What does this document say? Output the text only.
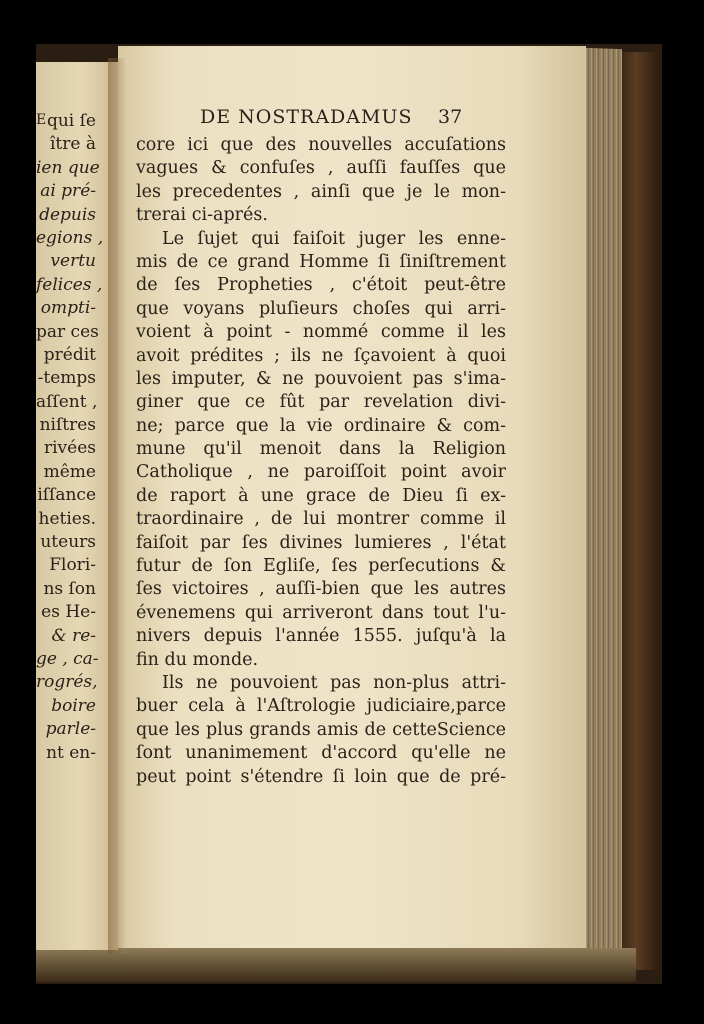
E qui ſe
ître à
ien que
ai pré-
depuis
egions ,
vertu
felices ,
ompti-
par ces
prédit
-temps
aſſent ,
niſtres
rivées
même
iſſance
heties.
uteurs
Flori-
ns ſon
es He-
& re-
ge , ca-
rogrés,
boire
parle-
nt en-
DE NOSTRADAMUS 37
core ici que des nouvelles accuſations
vagues & confuſes , auſſi fauſſes que
les precedentes , ainſi que je le mon-
trerai ci-aprés.
Le ſujet qui faiſoit juger les enne-
mis de ce grand Homme ſi ſiniſtrement
de ſes Propheties , c'étoit peut-être
que voyans pluſieurs choſes qui arri-
voient à point - nommé comme il les
avoit prédites ; ils ne ſçavoient à quoi
les imputer, & ne pouvoient pas s'ima-
giner que ce fût par revelation divi-
ne; parce que la vie ordinaire & com-
mune qu'il menoit dans la Religion
Catholique , ne paroiſſoit point avoir
de raport à une grace de Dieu ſi ex-
traordinaire , de lui montrer comme il
faiſoit par ſes divines lumieres , l'état
futur de ſon Egliſe, ſes perſecutions &
ſes victoires , auſſi-bien que les autres
évenemens qui arriveront dans tout l'u-
nivers depuis l'année 1555. juſqu'à la
fin du monde.
Ils ne pouvoient pas non-plus attri-
buer cela à l'Aſtrologie judiciaire,parce
que les plus grands amis de cetteScience
ſont unanimement d'accord qu'elle ne
peut point s'étendre ſi loin que de pré-
